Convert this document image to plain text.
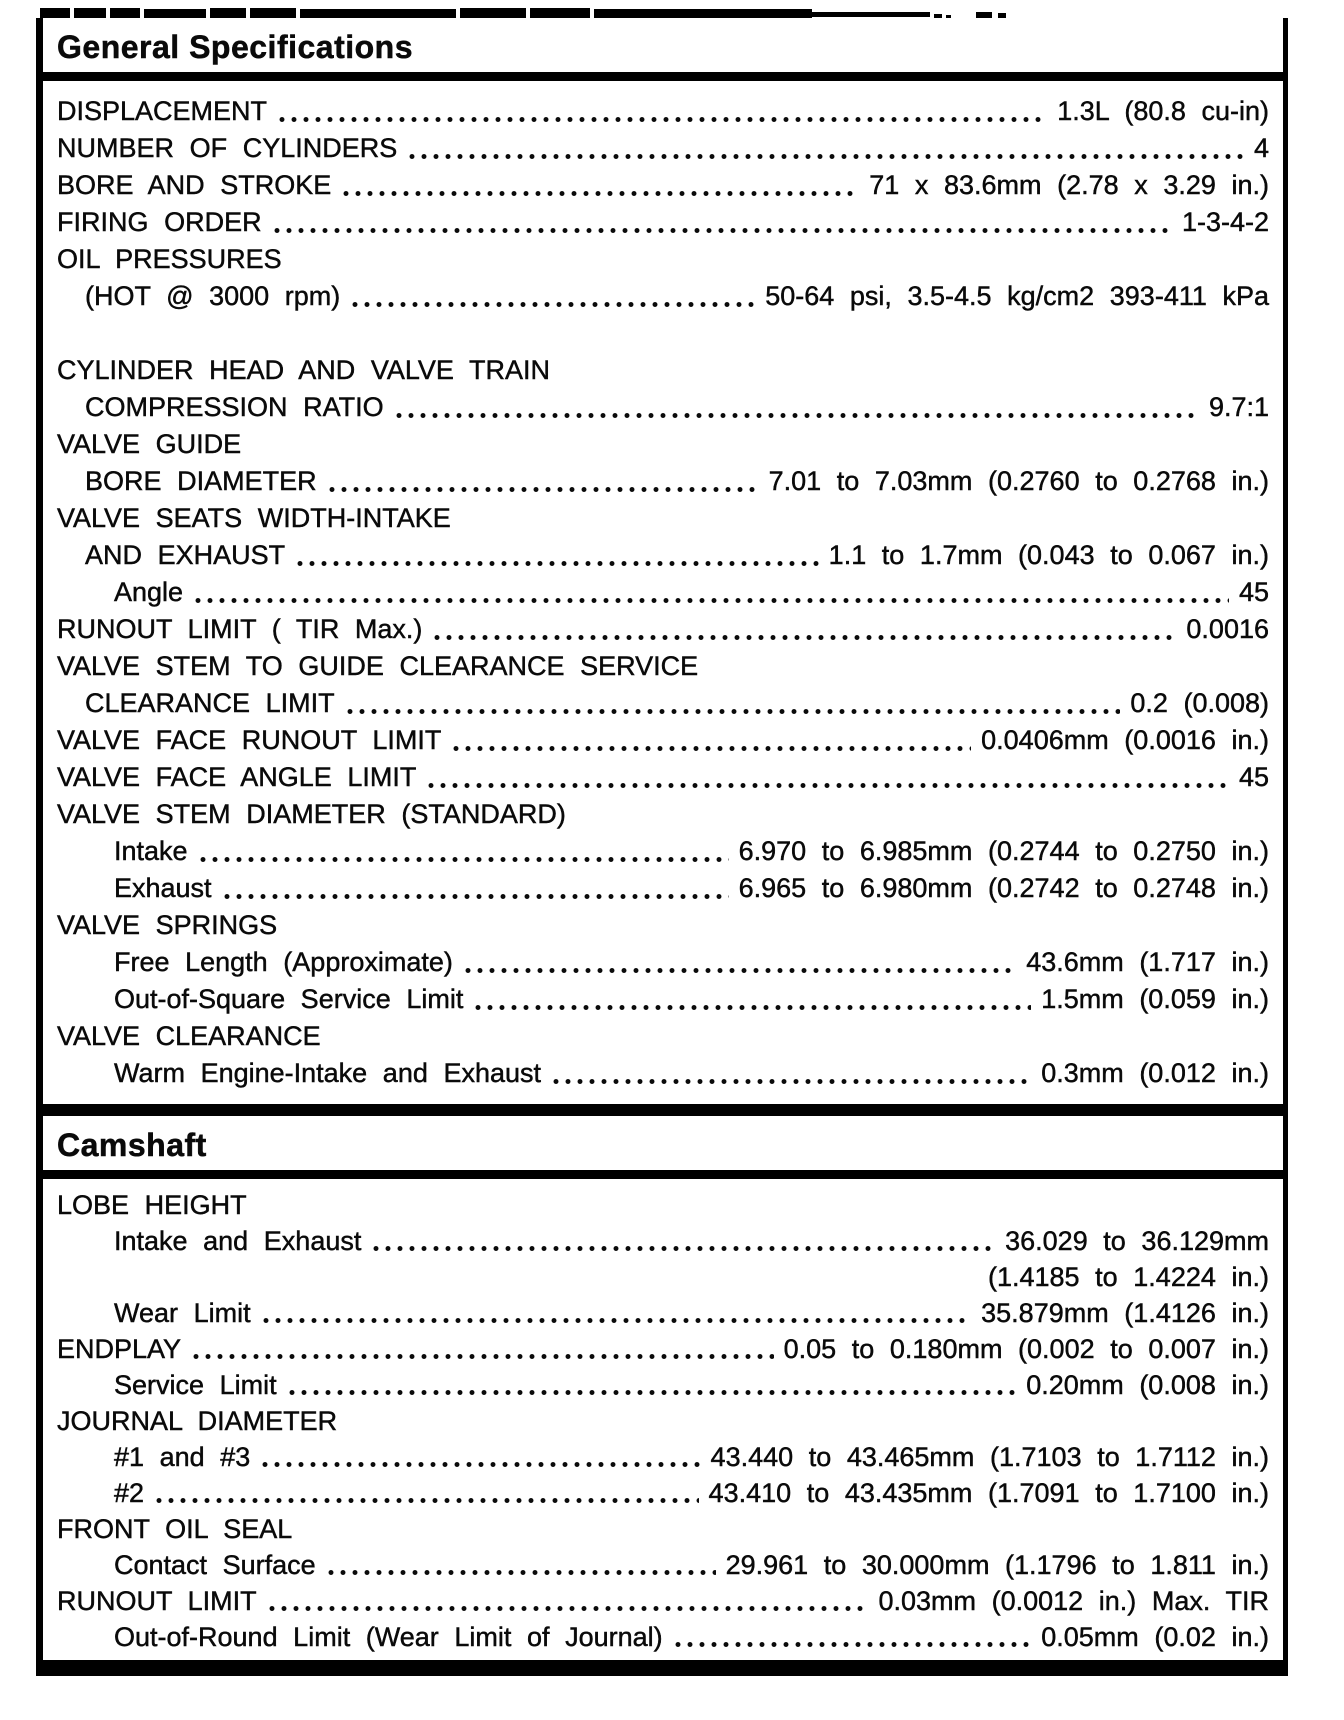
General Specifications
DISPLACEMENT	1.3L (80.8 cu-in)
NUMBER OF CYLINDERS	4
BORE AND STROKE	71 x 83.6mm (2.78 x 3.29 in.)
FIRING ORDER	1-3-4-2
OIL PRESSURES
(HOT @ 3000 rpm)	50-64 psi, 3.5-4.5 kg/cm2 393-411 kPa
CYLINDER HEAD AND VALVE TRAIN
COMPRESSION RATIO	9.7:1
VALVE GUIDE
BORE DIAMETER	7.01 to 7.03mm (0.2760 to 0.2768 in.)
VALVE SEATS WIDTH-INTAKE
AND EXHAUST	1.1 to 1.7mm (0.043 to 0.067 in.)
Angle	45
RUNOUT LIMIT ( TIR Max.)	0.0016
VALVE STEM TO GUIDE CLEARANCE SERVICE
CLEARANCE LIMIT	0.2 (0.008)
VALVE FACE RUNOUT LIMIT	0.0406mm (0.0016 in.)
VALVE FACE ANGLE LIMIT	45
VALVE STEM DIAMETER (STANDARD)
Intake	6.970 to 6.985mm (0.2744 to 0.2750 in.)
Exhaust	6.965 to 6.980mm (0.2742 to 0.2748 in.)
VALVE SPRINGS
Free Length (Approximate)	43.6mm (1.717 in.)
Out-of-Square Service Limit	1.5mm (0.059 in.)
VALVE CLEARANCE
Warm Engine-Intake and Exhaust	0.3mm (0.012 in.)
Camshaft
LOBE HEIGHT
Intake and Exhaust	36.029 to 36.129mm
(1.4185 to 1.4224 in.)
Wear Limit	35.879mm (1.4126 in.)
ENDPLAY	0.05 to 0.180mm (0.002 to 0.007 in.)
Service Limit	0.20mm (0.008 in.)
JOURNAL DIAMETER
#1 and #3	43.440 to 43.465mm (1.7103 to 1.7112 in.)
#2	43.410 to 43.435mm (1.7091 to 1.7100 in.)
FRONT OIL SEAL
Contact Surface	29.961 to 30.000mm (1.1796 to 1.811 in.)
RUNOUT LIMIT	0.03mm (0.0012 in.) Max. TIR
Out-of-Round Limit (Wear Limit of Journal)	0.05mm (0.02 in.)
